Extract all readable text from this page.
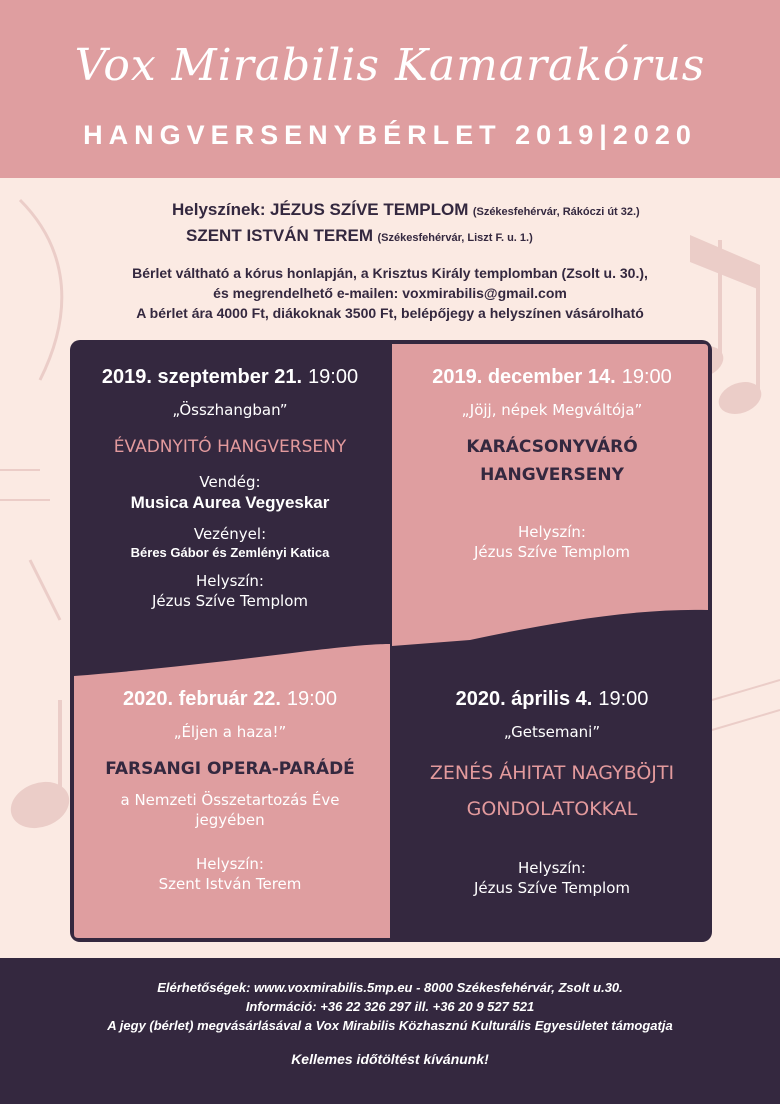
Vox Mirabilis Kamarakórus
HANGVERSENYBÉRLET 2019|2020
Helyszínek: JÉZUS SZÍVE TEMPLOM (Székesfehérvár, Rákóczi út 32.)
SZENT ISTVÁN TEREM (Székesfehérvár, Liszt F. u. 1.)
Bérlet váltható a kórus honlapján, a Krisztus Király templomban (Zsolt u. 30.),
és megrendelhető e-mailen: voxmirabilis@gmail.com
A bérlet ára 4000 Ft, diákoknak 3500 Ft, belépőjegy a helyszínen vásárolható
2019. szeptember 21. 19:00
„Összhangban”
ÉVADNYITÓ HANGVERSENY
Vendég:
Musica Aurea Vegyeskar
Vezényel:
Béres Gábor és Zemlényi Katica
Helyszín:
Jézus Szíve Templom
2019. december 14. 19:00
„Jöjj, népek Megváltója”
KARÁCSONYVÁRÓ
HANGVERSENY
Helyszín:
Jézus Szíve Templom
2020. február 22. 19:00
„Éljen a haza!”
FARSANGI OPERA-PARÁDÉ
a Nemzeti Összetartozás Éve
jegyében
Helyszín:
Szent István Terem
2020. április 4. 19:00
„Getsemani”
ZENÉS ÁHITAT NAGYBÖJTI
GONDOLATOKKAL
Helyszín:
Jézus Szíve Templom
Elérhetőségek: www.voxmirabilis.5mp.eu - 8000 Székesfehérvár, Zsolt u.30.
Információ: +36 22 326 297 ill. +36 20 9 527 521
A jegy (bérlet) megvásárlásával a Vox Mirabilis Közhasznú Kulturális Egyesületet támogatja
Kellemes időtöltést kívánunk!
